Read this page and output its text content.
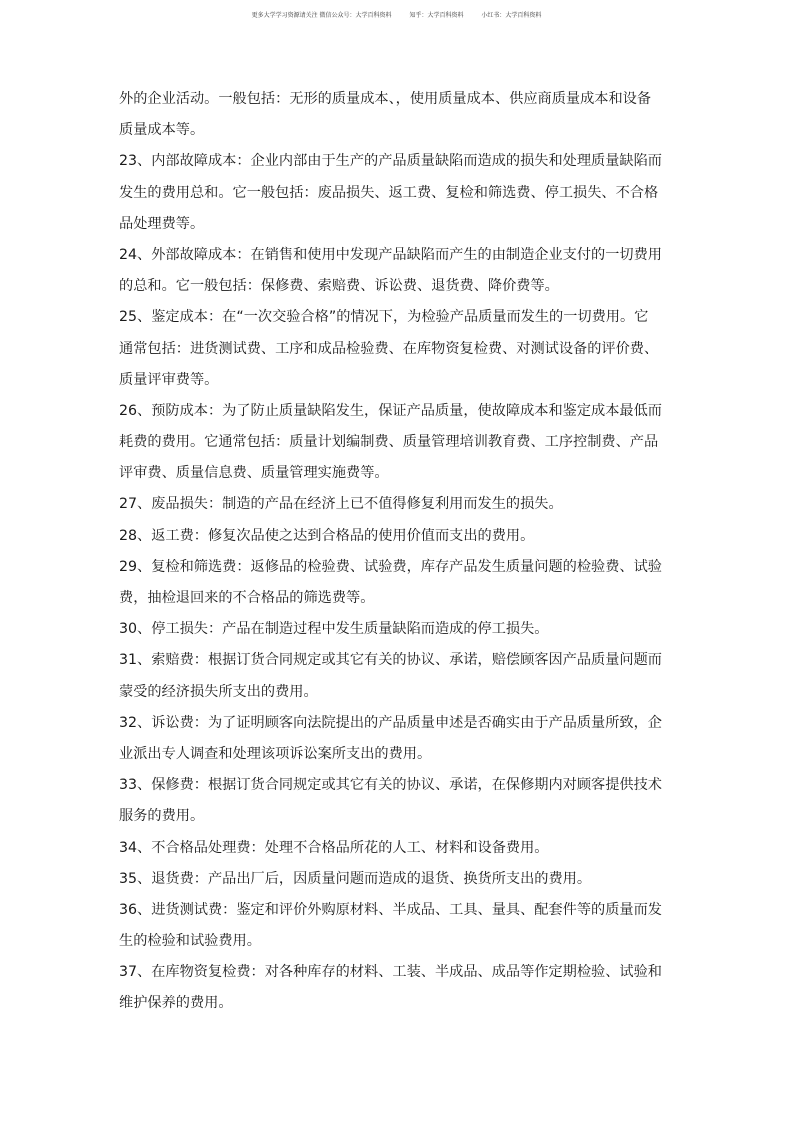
更多大学学习资源请关注 微信公众号：大学百科资料	知乎：大学百科资料	小红书：大学百科资料
外的企业活动。一般包括：无形的质量成本、，使用质量成本、供应商质量成本和设备
质量成本等。
23、内部故障成本：企业内部由于生产的产品质量缺陷而造成的损失和处理质量缺陷而
发生的费用总和。它一般包括：废品损失、返工费、复检和筛选费、停工损失、不合格
品处理费等。
24、外部故障成本：在销售和使用中发现产品缺陷而产生的由制造企业支付的一切费用
的总和。它一般包括：保修费、索赔费、诉讼费、退货费、降价费等。
25、鉴定成本：在“一次交验合格”的情况下，为检验产品质量而发生的一切费用。它
通常包括：进货测试费、工序和成品检验费、在库物资复检费、对测试设备的评价费、
质量评审费等。
26、预防成本：为了防止质量缺陷发生，保证产品质量，使故障成本和鉴定成本最低而
耗费的费用。它通常包括：质量计划编制费、质量管理培训教育费、工序控制费、产品
评审费、质量信息费、质量管理实施费等。
27、废品损失：制造的产品在经济上已不值得修复利用而发生的损失。
28、返工费：修复次品使之达到合格品的使用价值而支出的费用。
29、复检和筛选费：返修品的检验费、试验费，库存产品发生质量问题的检验费、试验
费，抽检退回来的不合格品的筛选费等。
30、停工损失：产品在制造过程中发生质量缺陷而造成的停工损失。
31、索赔费：根据订货合同规定或其它有关的协议、承诺，赔偿顾客因产品质量问题而
蒙受的经济损失所支出的费用。
32、诉讼费：为了证明顾客向法院提出的产品质量申述是否确实由于产品质量所致，企
业派出专人调查和处理该项诉讼案所支出的费用。
33、保修费：根据订货合同规定或其它有关的协议、承诺，在保修期内对顾客提供技术
服务的费用。
34、不合格品处理费：处理不合格品所花的人工、材料和设备费用。
35、退货费：产品出厂后，因质量问题而造成的退货、换货所支出的费用。
36、进货测试费：鉴定和评价外购原材料、半成品、工具、量具、配套件等的质量而发
生的检验和试验费用。
37、在库物资复检费：对各种库存的材料、工装、半成品、成品等作定期检验、试验和
维护保养的费用。
